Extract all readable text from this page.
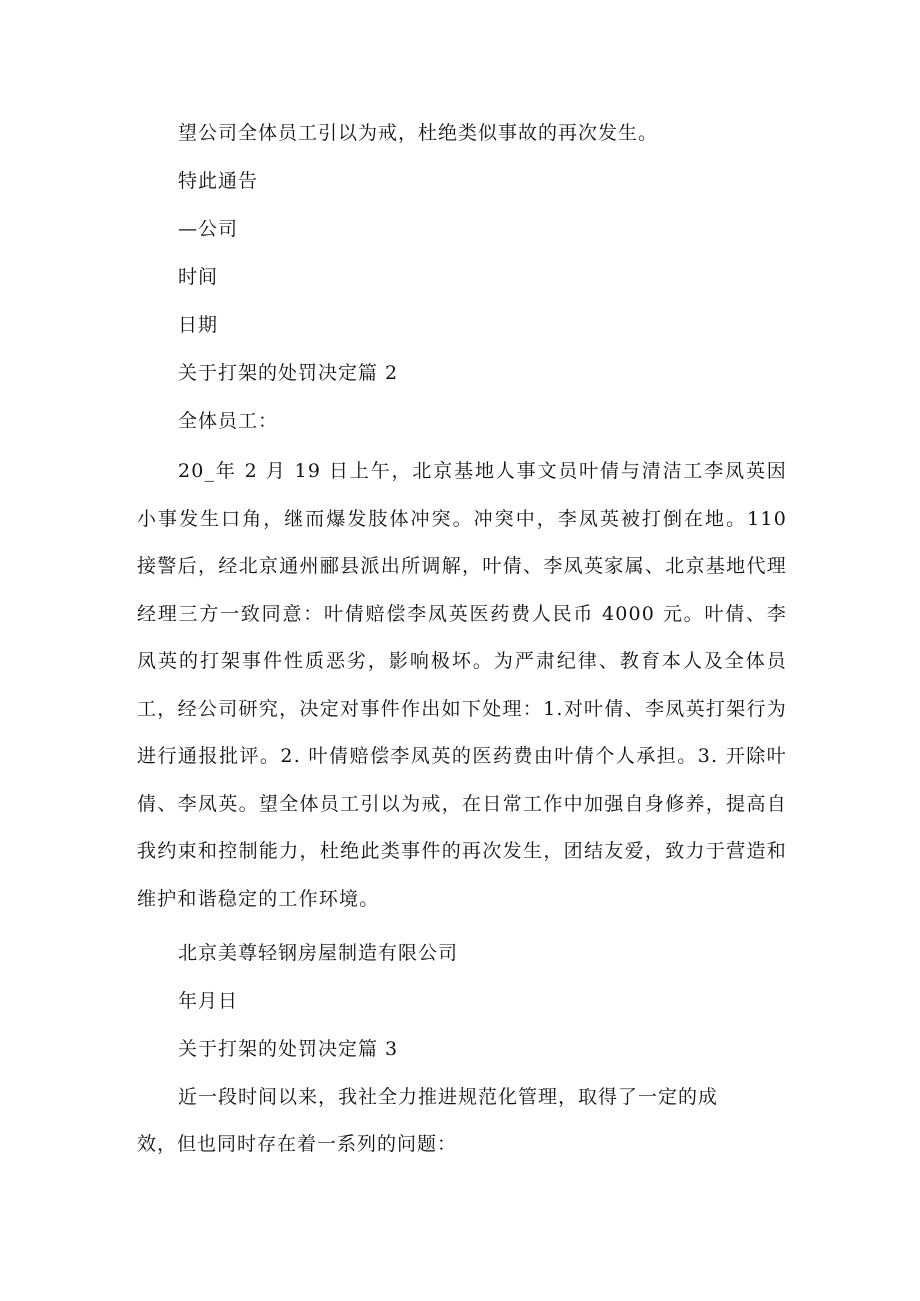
望公司全体员工引以为戒，杜绝类似事故的再次发生。
特此通告
—公司
时间
日期
关于打架的处罚决定篇 2
全体员工：
20_年 2 月 19 日上午，北京基地人事文员叶倩与清洁工李凤英因小事发生口角，继而爆发肢体冲突。冲突中，李凤英被打倒在地。110 接警后，经北京通州郦县派出所调解，叶倩、李凤英家属、北京基地代理经理三方一致同意：叶倩赔偿李凤英医药费人民币 4000 元。叶倩、李凤英的打架事件性质恶劣，影响极坏。为严肃纪律、教育本人及全体员工，经公司研究，决定对事件作出如下处理：1.对叶倩、李凤英打架行为进行通报批评。2. 叶倩赔偿李凤英的医药费由叶倩个人承担。3. 开除叶倩、李凤英。望全体员工引以为戒，在日常工作中加强自身修养，提高自我约束和控制能力，杜绝此类事件的再次发生，团结友爱，致力于营造和维护和谐稳定的工作环境。
北京美尊轻钢房屋制造有限公司
年月日
关于打架的处罚决定篇 3
近一段时间以来，我社全力推进规范化管理，取得了一定的成效，但也同时存在着一系列的问题：
